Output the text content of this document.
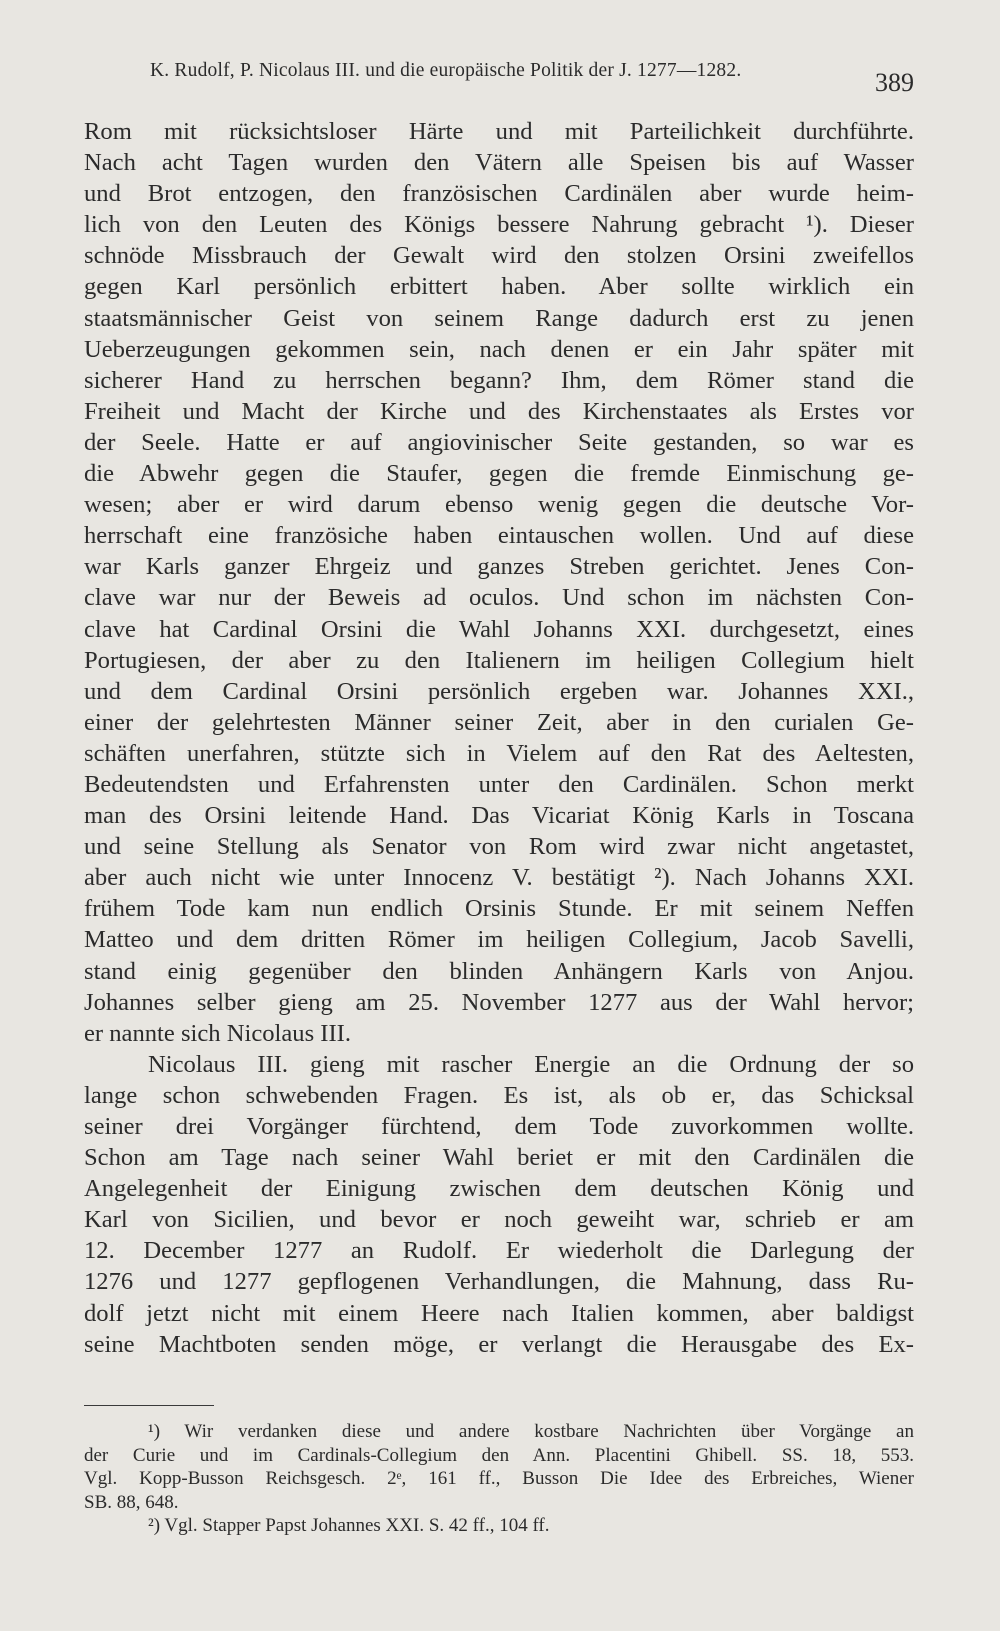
K. Rudolf, P. Nicolaus III. und die europäische Politik der J. 1277—1282.	389

Rom mit rücksichtsloser Härte und mit Parteilichkeit durchführte.
Nach acht Tagen wurden den Vätern alle Speisen bis auf Wasser
und Brot entzogen, den französischen Cardinälen aber wurde heim-
lich von den Leuten des Königs bessere Nahrung gebracht ¹). Dieser
schnöde Missbrauch der Gewalt wird den stolzen Orsini zweifellos
gegen Karl persönlich erbittert haben. Aber sollte wirklich ein
staatsmännischer Geist von seinem Range dadurch erst zu jenen
Ueberzeugungen gekommen sein, nach denen er ein Jahr später mit
sicherer Hand zu herrschen begann? Ihm, dem Römer stand die
Freiheit und Macht der Kirche und des Kirchenstaates als Erstes vor
der Seele. Hatte er auf angiovinischer Seite gestanden, so war es
die Abwehr gegen die Staufer, gegen die fremde Einmischung ge-
wesen; aber er wird darum ebenso wenig gegen die deutsche Vor-
herrschaft eine französiche haben eintauschen wollen. Und auf diese
war Karls ganzer Ehrgeiz und ganzes Streben gerichtet. Jenes Con-
clave war nur der Beweis ad oculos. Und schon im nächsten Con-
clave hat Cardinal Orsini die Wahl Johanns XXI. durchgesetzt, eines
Portugiesen, der aber zu den Italienern im heiligen Collegium hielt
und dem Cardinal Orsini persönlich ergeben war. Johannes XXI.,
einer der gelehrtesten Männer seiner Zeit, aber in den curialen Ge-
schäften unerfahren, stützte sich in Vielem auf den Rat des Aeltesten,
Bedeutendsten und Erfahrensten unter den Cardinälen. Schon merkt
man des Orsini leitende Hand. Das Vicariat König Karls in Toscana
und seine Stellung als Senator von Rom wird zwar nicht angetastet,
aber auch nicht wie unter Innocenz V. bestätigt ²). Nach Johanns XXI.
frühem Tode kam nun endlich Orsinis Stunde. Er mit seinem Neffen
Matteo und dem dritten Römer im heiligen Collegium, Jacob Savelli,
stand einig gegenüber den blinden Anhängern Karls von Anjou.
Johannes selber gieng am 25. November 1277 aus der Wahl hervor;
er nannte sich Nicolaus III.

Nicolaus III. gieng mit rascher Energie an die Ordnung der so
lange schon schwebenden Fragen. Es ist, als ob er, das Schicksal
seiner drei Vorgänger fürchtend, dem Tode zuvorkommen wollte.
Schon am Tage nach seiner Wahl beriet er mit den Cardinälen die
Angelegenheit der Einigung zwischen dem deutschen König und
Karl von Sicilien, und bevor er noch geweiht war, schrieb er am
12. December 1277 an Rudolf. Er wiederholt die Darlegung der
1276 und 1277 gepflogenen Verhandlungen, die Mahnung, dass Ru-
dolf jetzt nicht mit einem Heere nach Italien kommen, aber baldigst
seine Machtboten senden möge, er verlangt die Herausgabe des Ex-

¹) Wir verdanken diese und andere kostbare Nachrichten über Vorgänge an
der Curie und im Cardinals-Collegium den Ann. Placentini Ghibell. SS. 18, 553.
Vgl. Kopp-Busson Reichsgesch. 2ᵉ, 161 ff., Busson Die Idee des Erbreiches, Wiener
SB. 88, 648.
²) Vgl. Stapper Papst Johannes XXI. S. 42 ff., 104 ff.
